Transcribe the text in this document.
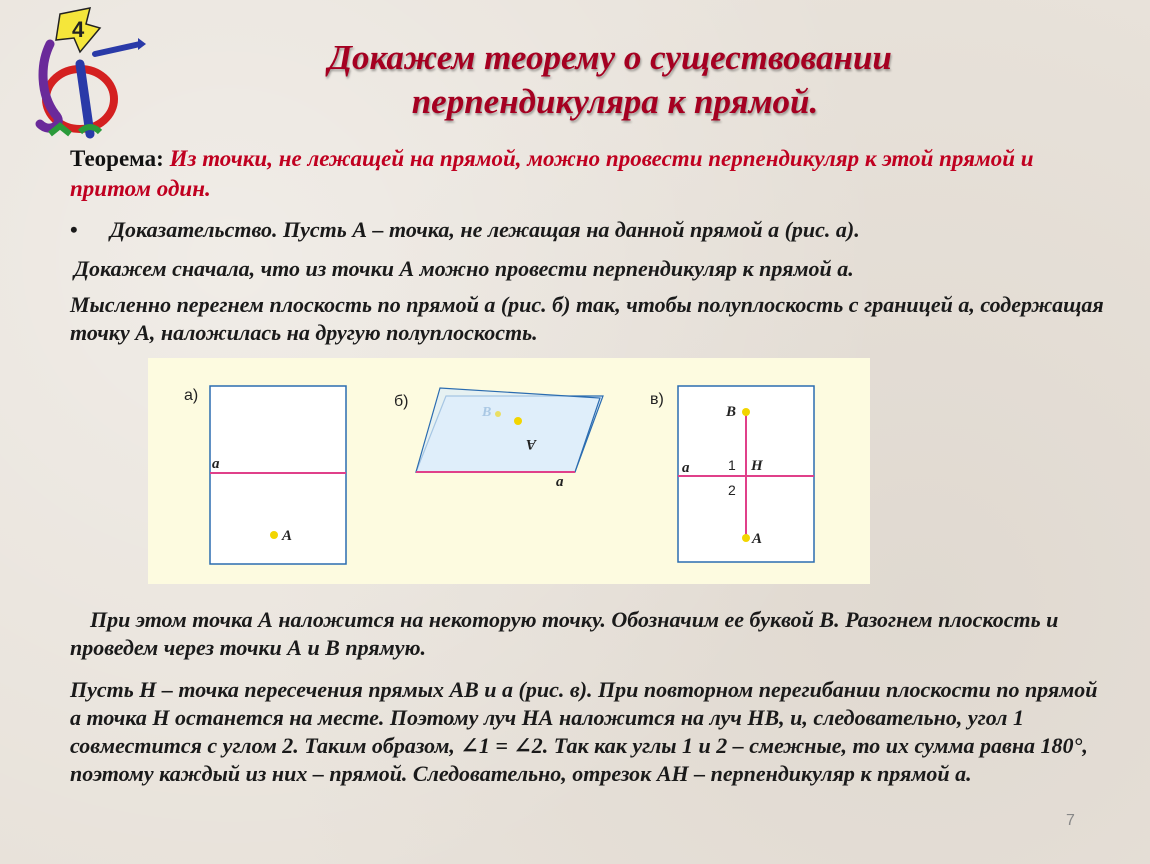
4
Докажем теорему о существовании
перпендикуляра к прямой.
Теорема: Из точки, не лежащей на прямой, можно провести перпендикуляр к этой прямой и притом один.
• Доказательство. Пусть А – точка, не лежащая на данной прямой а (рис. а).
Докажем сначала, что из точки А можно провести перпендикуляр к прямой а.
Мысленно перегнем плоскость по прямой а (рис. б) так, чтобы полуплоскость с границей а, содержащая точку А, наложилась на другую полуплоскость.
а)
а
А
б)
а
В
А
в)
а
В
Н
1
2
А
При этом точка А наложится на некоторую точку. Обозначим ее буквой В. Разогнем плоскость и проведем через точки А и В прямую.
Пусть Н – точка пересечения прямых АВ и а (рис. в). При повторном перегибании плоскости по прямой а точка Н останется на месте. Поэтому луч НА наложится на луч НВ, и, следовательно, угол 1 совместится с углом 2. Таким образом, ∠1 = ∠2. Так как углы 1 и 2 – смежные, то их сумма равна 180°, поэтому каждый из них – прямой. Следовательно, отрезок АН – перпендикуляр к прямой а.
7
